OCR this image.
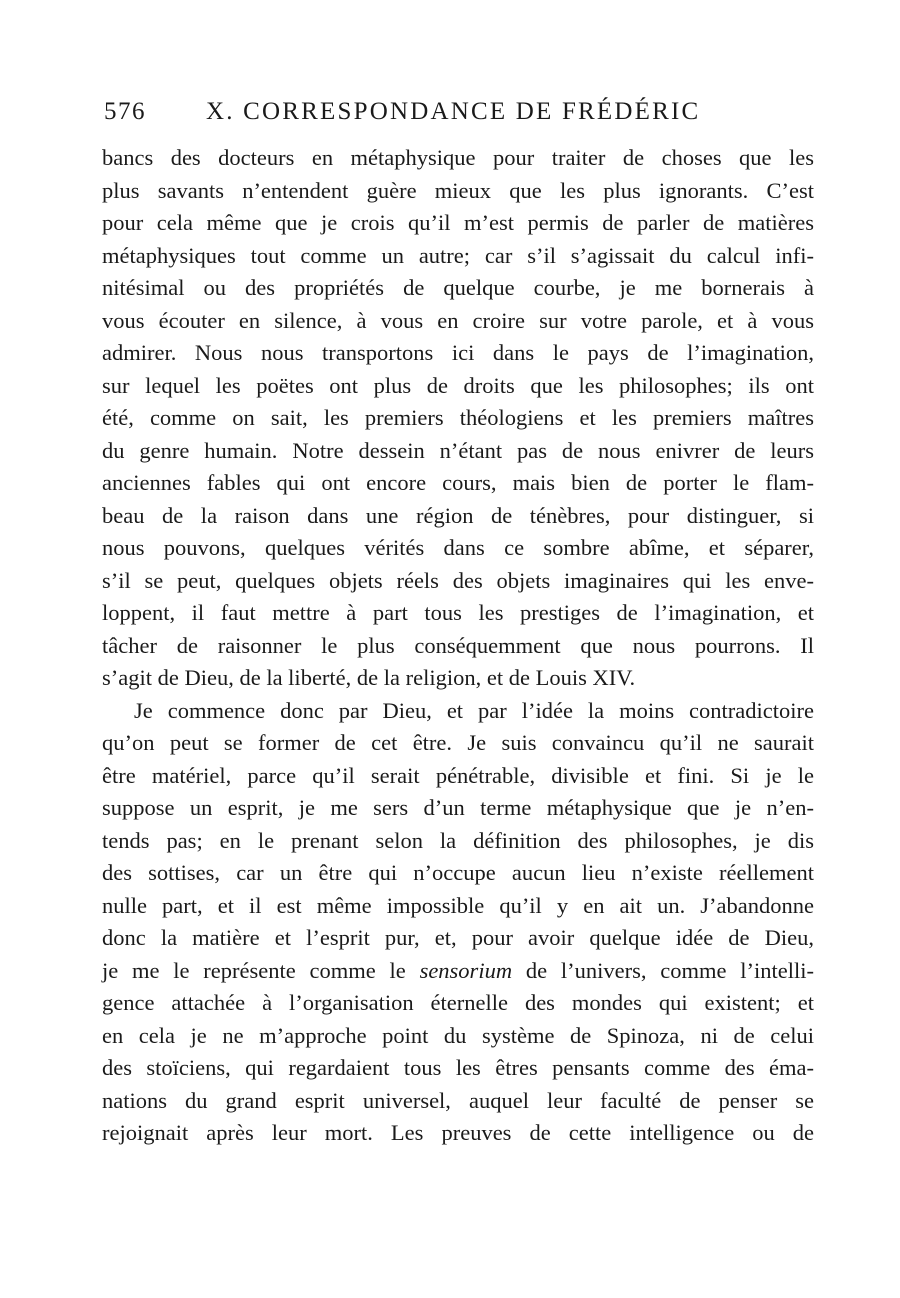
576 X. CORRESPONDANCE DE FRÉDÉRIC
bancs des docteurs en métaphysique pour traiter de choses que les
plus savants n’entendent guère mieux que les plus ignorants. C’est
pour cela même que je crois qu’il m’est permis de parler de matières
métaphysiques tout comme un autre; car s’il s’agissait du calcul infi-
nitésimal ou des propriétés de quelque courbe, je me bornerais à
vous écouter en silence, à vous en croire sur votre parole, et à vous
admirer. Nous nous transportons ici dans le pays de l’imagination,
sur lequel les poëtes ont plus de droits que les philosophes; ils ont
été, comme on sait, les premiers théologiens et les premiers maîtres
du genre humain. Notre dessein n’étant pas de nous enivrer de leurs
anciennes fables qui ont encore cours, mais bien de porter le flam-
beau de la raison dans une région de ténèbres, pour distinguer, si
nous pouvons, quelques vérités dans ce sombre abîme, et séparer,
s’il se peut, quelques objets réels des objets imaginaires qui les enve-
loppent, il faut mettre à part tous les prestiges de l’imagination, et
tâcher de raisonner le plus conséquemment que nous pourrons. Il
s’agit de Dieu, de la liberté, de la religion, et de Louis XIV.
Je commence donc par Dieu, et par l’idée la moins contradictoire
qu’on peut se former de cet être. Je suis convaincu qu’il ne saurait
être matériel, parce qu’il serait pénétrable, divisible et fini. Si je le
suppose un esprit, je me sers d’un terme métaphysique que je n’en-
tends pas; en le prenant selon la définition des philosophes, je dis
des sottises, car un être qui n’occupe aucun lieu n’existe réellement
nulle part, et il est même impossible qu’il y en ait un. J’abandonne
donc la matière et l’esprit pur, et, pour avoir quelque idée de Dieu,
je me le représente comme le sensorium de l’univers, comme l’intelli-
gence attachée à l’organisation éternelle des mondes qui existent; et
en cela je ne m’approche point du système de Spinoza, ni de celui
des stoïciens, qui regardaient tous les êtres pensants comme des éma-
nations du grand esprit universel, auquel leur faculté de penser se
rejoignait après leur mort. Les preuves de cette intelligence ou de
